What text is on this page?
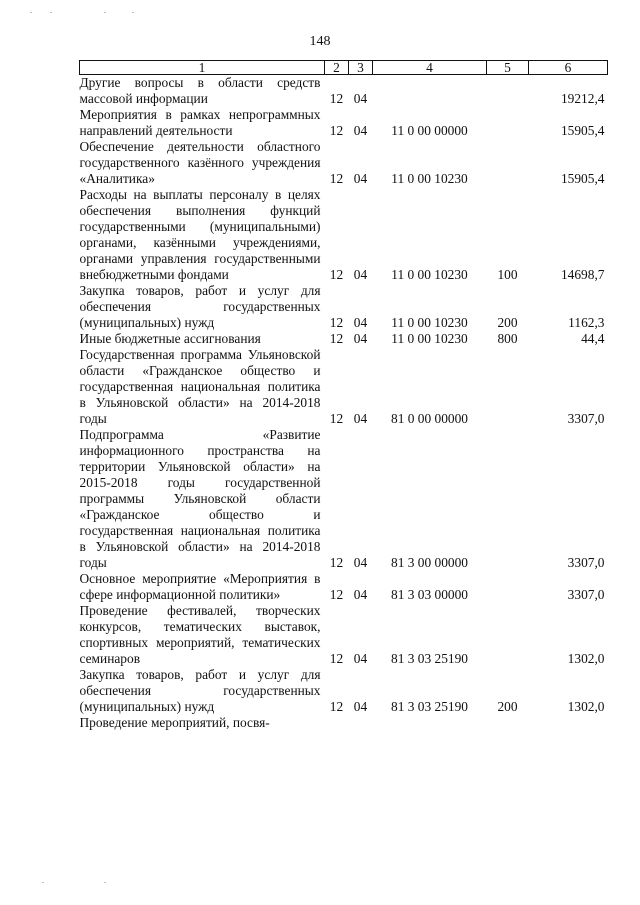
148
1	2	3	4	5	6
Другие вопросы в области средств массовой информации	12	04			19212,4
Мероприятия в рамках непрограммных направлений деятельности	12	04	11 0 00 00000		15905,4
Обеспечение деятельности областного государственного казённого учреждения «Аналитика»	12	04	11 0 00 10230		15905,4
Расходы на выплаты персоналу в целях обеспечения выполнения функций государственными (муниципальными) органами, казёнными учреждениями, органами управления государственными внебюджетными фондами	12	04	11 0 00 10230	100	14698,7
Закупка товаров, работ и услуг для обеспечения государственных (муниципальных) нужд	12	04	11 0 00 10230	200	1162,3
Иные бюджетные ассигнования	12	04	11 0 00 10230	800	44,4
Государственная программа Ульяновской области «Гражданское общество и государственная национальная политика в Ульяновской области» на 2014-2018 годы	12	04	81 0 00 00000		3307,0
Подпрограмма «Развитие информационного пространства на территории Ульяновской области» на 2015-2018 годы государственной программы Ульяновской области «Гражданское общество и государственная национальная политика в Ульяновской области» на 2014-2018 годы	12	04	81 3 00 00000		3307,0
Основное мероприятие «Мероприятия в сфере информационной политики»	12	04	81 3 03 00000		3307,0
Проведение фестивалей, творческих конкурсов, тематических выставок, спортивных мероприятий, тематических семинаров	12	04	81 3 03 25190		1302,0
Закупка товаров, работ и услуг для обеспечения государственных (муниципальных) нужд	12	04	81 3 03 25190	200	1302,0
Проведение мероприятий, посвя-					
